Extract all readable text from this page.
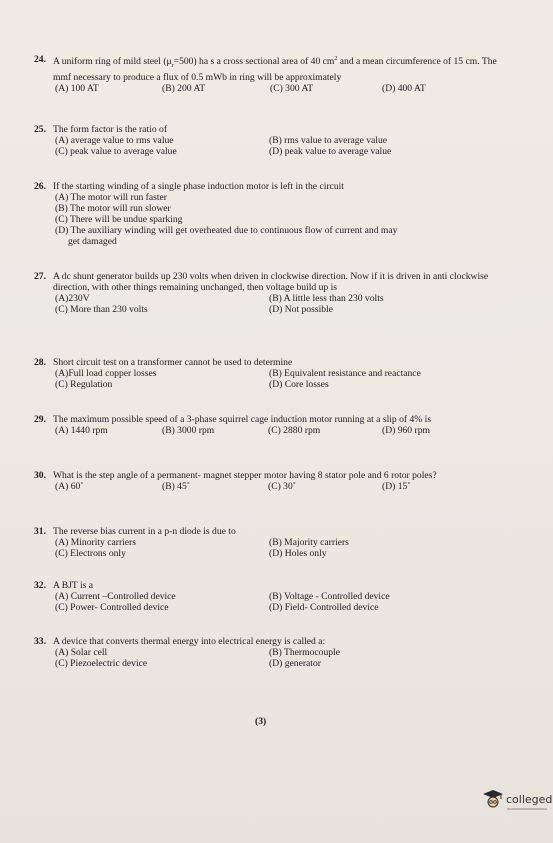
24. A uniform ring of mild steel $(\mu_r=500)$ ha s a cross sectional area of 40 $cm^2$ and a mean circumference of 15 cm. The mmf necessary to produce a flux of 0.5 mWb in ring will be approximately
(A) 100 AT	(B) 200 AT	(C) 300 AT	(D) 400 AT
25. The form factor is the ratio of
(A) average value to rms value	(B) rms value to average value
(C) peak value to average value	(D) peak value to average value
26. If the starting winding of a single phase induction motor is left in the circuit
(A) The motor will run faster
(B) The motor will run slower
(C) There will be undue sparking
(D) The auxiliary winding will get overheated due to continuous flow of current and may
get damaged
27. A dc shunt generator builds up 230 volts when driven in clockwise direction. Now if it is driven in anti clockwise direction, with other things remaining unchanged, then voltage build up is
(A)230V	(B) A little less than 230 volts
(C) More than 230 volts	(D) Not possible
28. Short circuit test on a transformer cannot be used to determine
(A)Full load copper losses	(B) Equivalent resistance and reactance
(C) Regulation	(D) Core losses
29. The maximum possible speed of a 3-phase squirrel cage induction motor running at a slip of 4% is
(A) 1440 rpm	(B) 3000 rpm	(C) 2880 rpm	(D) 960 rpm
30. What is the step angle of a permanent- magnet stepper motor having 8 stator pole and 6 rotor poles?
(A) 60˚	(B) 45˚	(C) 30˚	(D) 15˚
31. The reverse bias current in a p-n diode is due to
(A) Minority carriers	(B) Majority carriers
(C) Electrons only	(D) Holes only
32. A BJT is a
(A) Current –Controlled device	(B) Voltage - Controlled device
(C) Power- Controlled device	(D) Field- Controlled device
33. A device that converts thermal energy into electrical energy is called a:
(A) Solar cell	(B) Thermocouple
(C) Piezoelectric device	(D) generator
(3)
colleged
